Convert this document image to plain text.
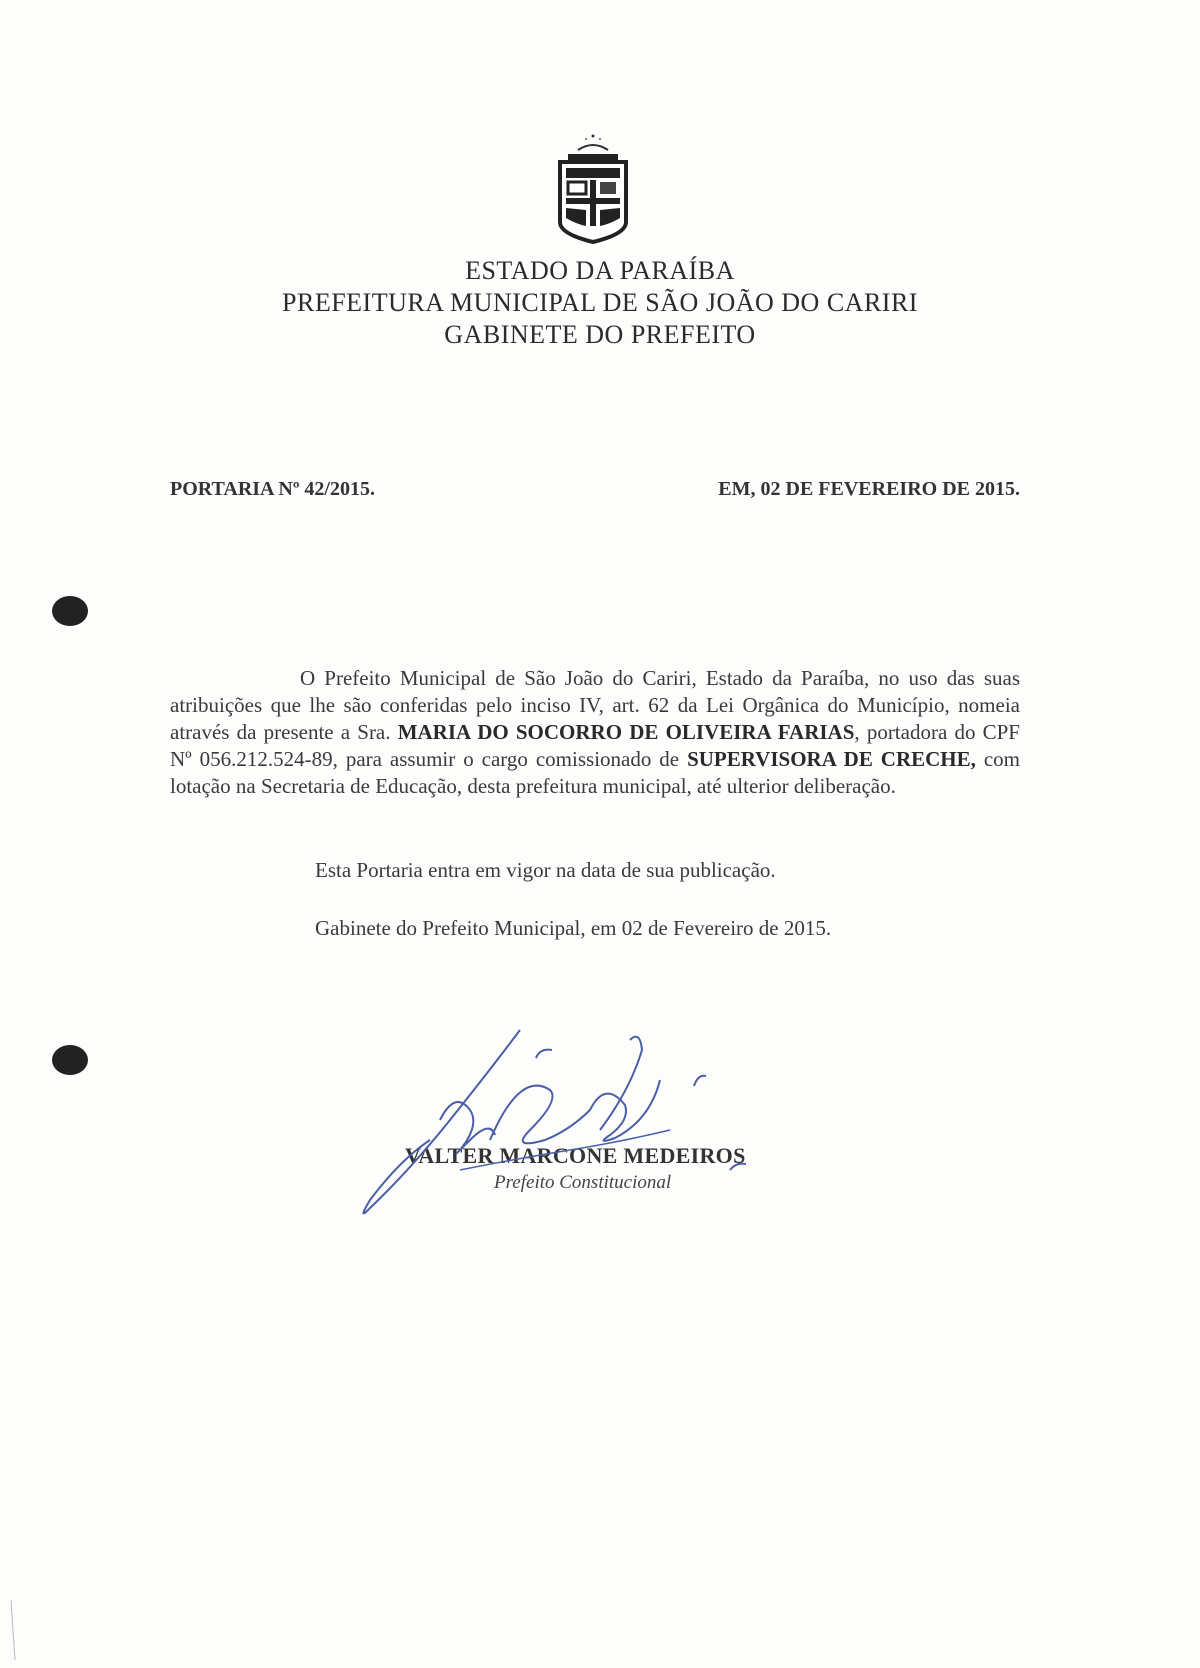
ESTADO DA PARAÍBA
PREFEITURA MUNICIPAL DE SÃO JOÃO DO CARIRI
GABINETE DO PREFEITO
PORTARIA Nº 42/2015.	EM, 02 DE FEVEREIRO DE 2015.

O Prefeito Municipal de São João do Cariri, Estado da Paraíba, no uso das suas atribuições que lhe são conferidas pelo inciso IV, art. 62 da Lei Orgânica do Município, nomeia através da presente a Sra. MARIA DO SOCORRO DE OLIVEIRA FARIAS, portadora do CPF Nº 056.212.524-89, para assumir o cargo comissionado de SUPERVISORA DE CRECHE, com lotação na Secretaria de Educação, desta prefeitura municipal, até ulterior deliberação.

Esta Portaria entra em vigor na data de sua publicação.
Gabinete do Prefeito Municipal, em 02 de Fevereiro de 2015.
VALTER MARCONE MEDEIROS
Prefeito Constitucional
